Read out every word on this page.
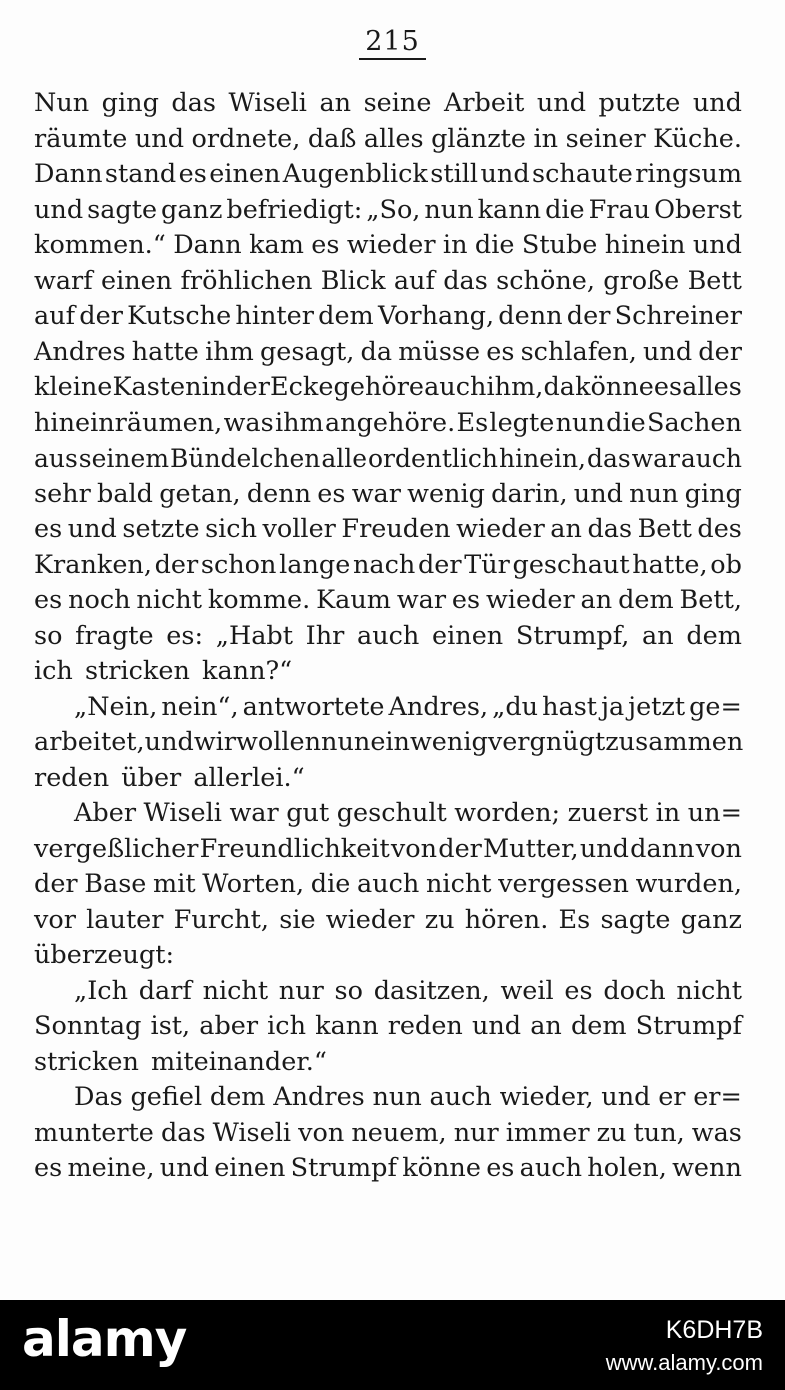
215
Nun ging das Wiseli an seine Arbeit und putzte und
räumte und ordnete, daß alles glänzte in seiner Küche.
Dann stand es einen Augenblick still und schaute ringsum
und sagte ganz befriedigt: „So, nun kann die Frau Oberst
kommen.“ Dann kam es wieder in die Stube hinein und
warf einen fröhlichen Blick auf das schöne, große Bett
auf der Kutsche hinter dem Vorhang, denn der Schreiner
Andres hatte ihm gesagt, da müsse es schlafen, und der
kleine Kasten in der Ecke gehöre auch ihm, da könne es alles
hineinräumen, was ihm angehöre. Es legte nun die Sachen
aus seinem Bündelchen alle ordentlich hinein, das war auch
sehr bald getan, denn es war wenig darin, und nun ging
es und setzte sich voller Freuden wieder an das Bett des
Kranken, der schon lange nach der Tür geschaut hatte, ob
es noch nicht komme. Kaum war es wieder an dem Bett,
so fragte es: „Habt Ihr auch einen Strumpf, an dem
ich stricken kann?“
„Nein, nein“, antwortete Andres, „du hast ja jetzt ge=
arbeitet, und wir wollen nun ein wenig vergnügt zusammen
reden über allerlei.“
Aber Wiseli war gut geschult worden; zuerst in un=
vergeßlicher Freundlichkeit von der Mutter, und dann von
der Base mit Worten, die auch nicht vergessen wurden,
vor lauter Furcht, sie wieder zu hören. Es sagte ganz
überzeugt:
„Ich darf nicht nur so dasitzen, weil es doch nicht
Sonntag ist, aber ich kann reden und an dem Strumpf
stricken miteinander.“
Das gefiel dem Andres nun auch wieder, und er er=
munterte das Wiseli von neuem, nur immer zu tun, was
es meine, und einen Strumpf könne es auch holen, wenn
alamy	K6DH7B
www.alamy.com
